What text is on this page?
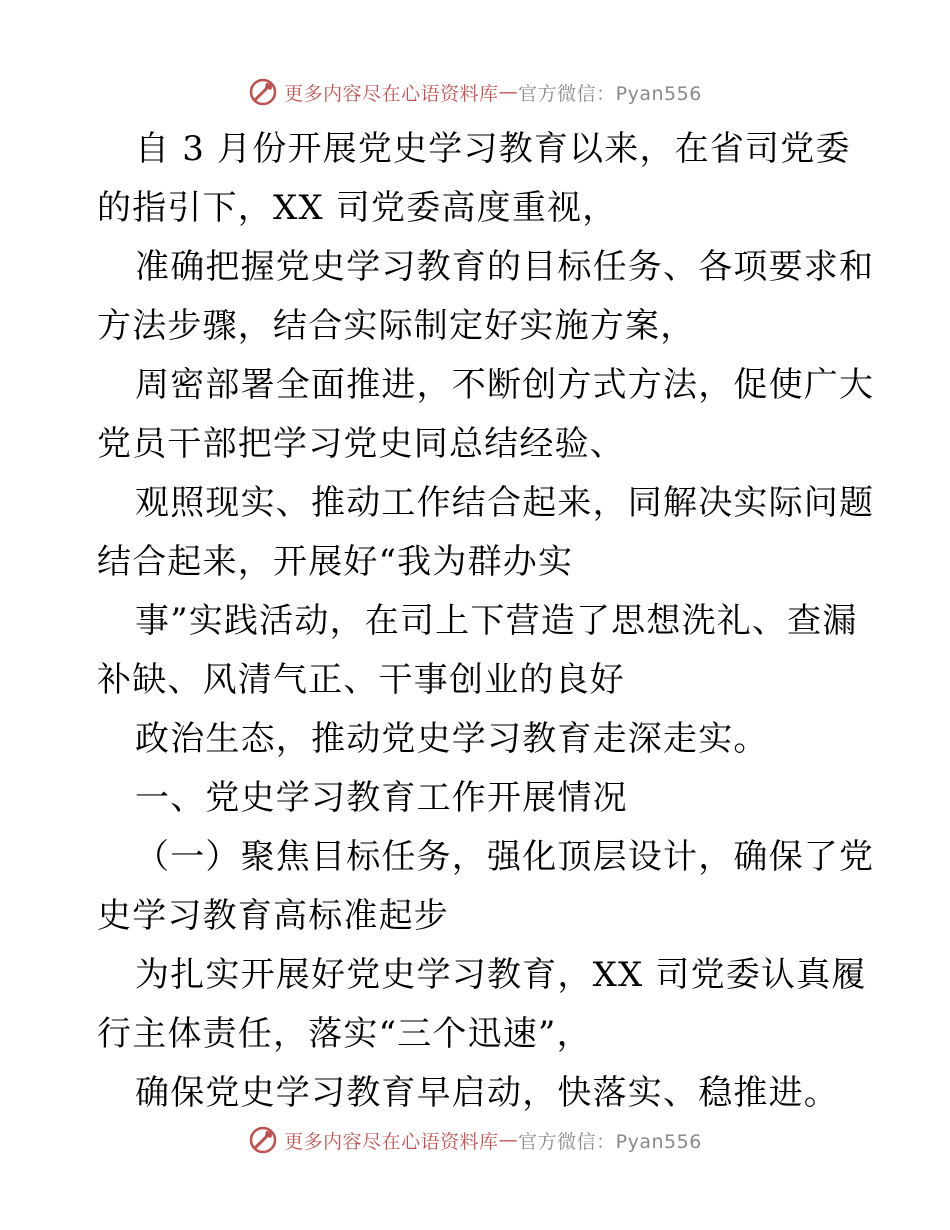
更多内容尽在心语资料库 — 官方微信：Pyan556
自 3 月份开展党史学习教育以来，在省司党委
的指引下，XX 司党委高度重视，
准确把握党史学习教育的目标任务、各项要求和
方法步骤，结合实际制定好实施方案，
周密部署全面推进，不断创方式方法，促使广大
党员干部把学习党史同总结经验、
观照现实、推动工作结合起来，同解决实际问题
结合起来，开展好“我为群办实
事”实践活动，在司上下营造了思想洗礼、查漏
补缺、风清气正、干事创业的良好
政治生态，推动党史学习教育走深走实。
一、党史学习教育工作开展情况
（一）聚焦目标任务，强化顶层设计，确保了党
史学习教育高标准起步
为扎实开展好党史学习教育，XX 司党委认真履
行主体责任，落实“三个迅速”，
确保党史学习教育早启动，快落实、稳推进。
更多内容尽在心语资料库 — 官方微信：Pyan556
